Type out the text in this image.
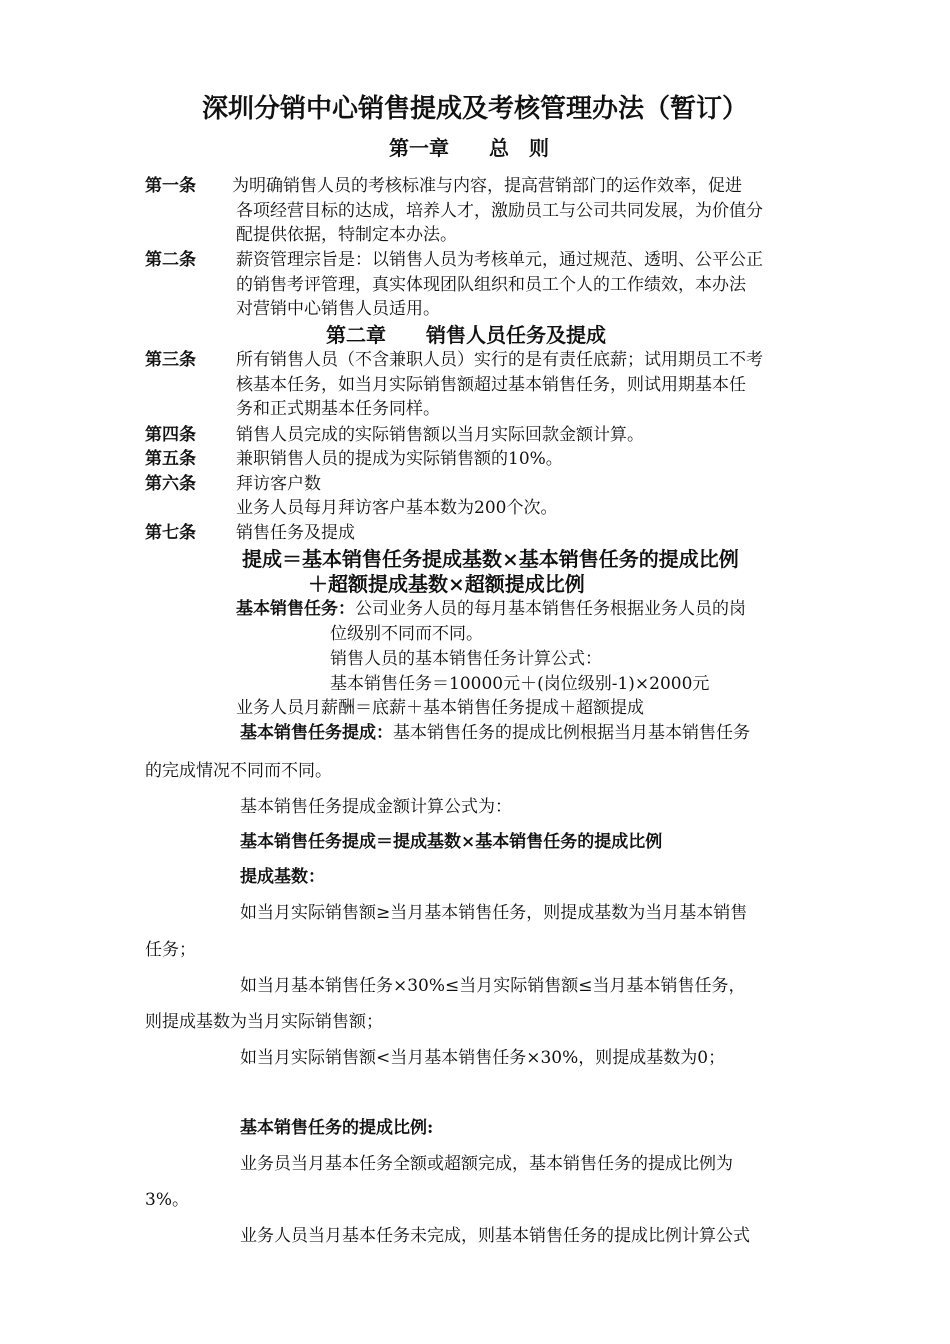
深圳分销中心销售提成及考核管理办法（暂订）
第一章　　总　则
第一条 为明确销售人员的考核标准与内容，提高营销部门的运作效率，促进
各项经营目标的达成，培养人才，激励员工与公司共同发展，为价值分
配提供依据，特制定本办法。
第二条 薪资管理宗旨是：以销售人员为考核单元，通过规范、透明、公平公正
的销售考评管理，真实体现团队组织和员工个人的工作绩效，本办法
对营销中心销售人员适用。
第二章　　销售人员任务及提成
第三条 所有销售人员（不含兼职人员）实行的是有责任底薪；试用期员工不考
核基本任务，如当月实际销售额超过基本销售任务，则试用期基本任
务和正式期基本任务同样。
第四条 销售人员完成的实际销售额以当月实际回款金额计算。
第五条 兼职销售人员的提成为实际销售额的10%。
第六条 拜访客户数
业务人员每月拜访客户基本数为200个次。
第七条 销售任务及提成
提成＝基本销售任务提成基数×基本销售任务的提成比例
＋超额提成基数×超额提成比例
基本销售任务：公司业务人员的每月基本销售任务根据业务人员的岗
位级别不同而不同。
销售人员的基本销售任务计算公式：
基本销售任务＝10000元＋(岗位级别-1)×2000元
业务人员月薪酬＝底薪＋基本销售任务提成＋超额提成
基本销售任务提成：基本销售任务的提成比例根据当月基本销售任务
的完成情况不同而不同。
基本销售任务提成金额计算公式为：
基本销售任务提成＝提成基数×基本销售任务的提成比例
提成基数：
如当月实际销售额≥当月基本销售任务，则提成基数为当月基本销售
任务；
如当月基本销售任务×30%≤当月实际销售额≤当月基本销售任务，
则提成基数为当月实际销售额；
如当月实际销售额<当月基本销售任务×30%，则提成基数为0；
基本销售任务的提成比例:
业务员当月基本任务全额或超额完成，基本销售任务的提成比例为
3%。
业务人员当月基本任务未完成，则基本销售任务的提成比例计算公式
